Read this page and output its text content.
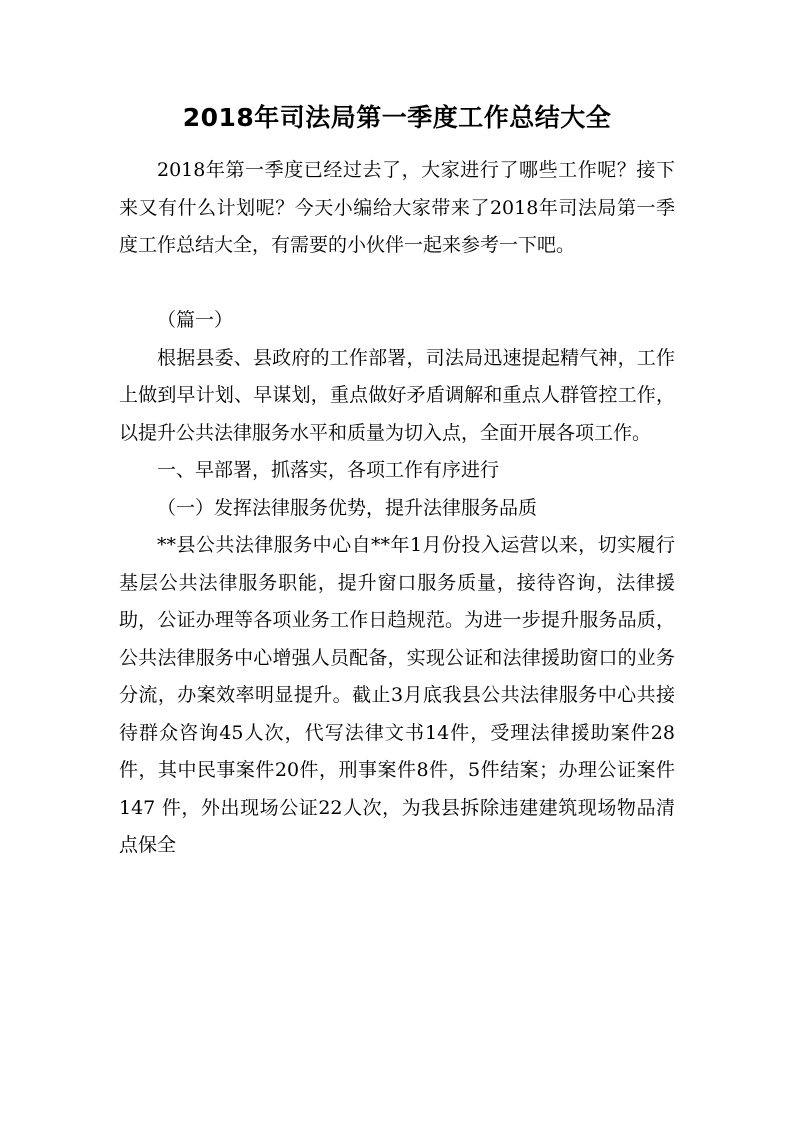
2018年司法局第一季度工作总结大全

2018年第一季度已经过去了，大家进行了哪些工作呢？接下来又有什么计划呢？今天小编给大家带来了2018年司法局第一季度工作总结大全，有需要的小伙伴一起来参考一下吧。

（篇一）

根据县委、县政府的工作部署，司法局迅速提起精气神，工作上做到早计划、早谋划，重点做好矛盾调解和重点人群管控工作，以提升公共法律服务水平和质量为切入点，全面开展各项工作。

一、早部署，抓落实，各项工作有序进行

（一）发挥法律服务优势，提升法律服务品质

**县公共法律服务中心自**年1月份投入运营以来，切实履行基层公共法律服务职能，提升窗口服务质量，接待咨询，法律援助，公证办理等各项业务工作日趋规范。为进一步提升服务品质，公共法律服务中心增强人员配备，实现公证和法律援助窗口的业务分流，办案效率明显提升。截止3月底我县公共法律服务中心共接待群众咨询45人次，代写法律文书14件，受理法律援助案件28件，其中民事案件20件，刑事案件8件，5件结案；办理公证案件 147 件，外出现场公证22人次，为我县拆除违建建筑现场物品清点保全
